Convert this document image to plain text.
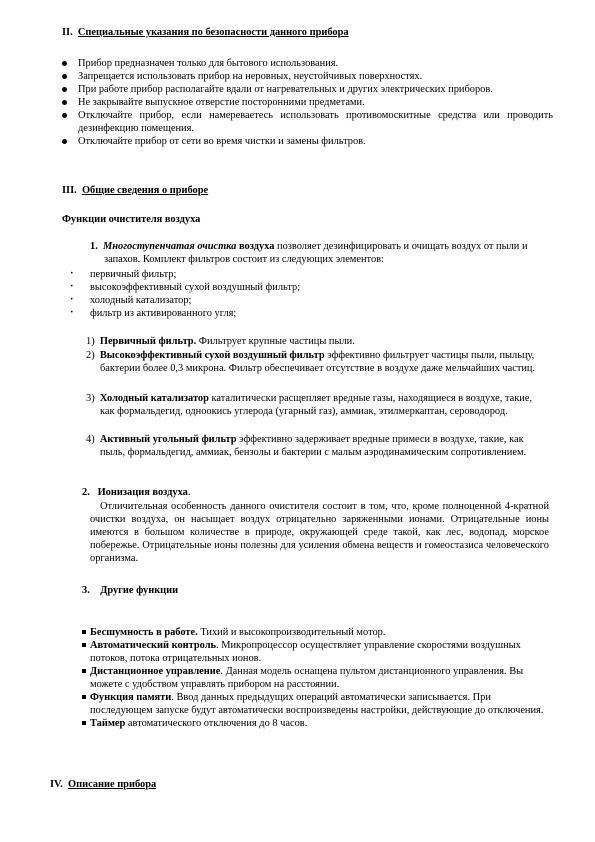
II. Специальные указания по безопасности данного прибора

Прибор предназначен только для бытового использования.
Запрещается использовать прибор на неровных, неустойчивых поверхностях.
При работе прибор располагайте вдали от нагревательных и других электрических приборов.
Не закрывайте выпускное отверстие посторонними предметами.
Отключайте прибор, если намереваетесь использовать противомоскитные средства или проводить дезинфекцию помещения.
Отключайте прибор от сети во время чистки и замены фильтров.

III. Общие сведения о приборе

Функции очистителя воздуха

1. Многоступенчатая очистка воздуха позволяет дезинфицировать и очищать воздух от пыли и запахов. Комплект фильтров состоит из следующих элементов:
· первичный фильтр;
· высокоэффективный сухой воздушный фильтр;
· холодный катализатор;
· фильтр из активированного угля;
1) Первичный фильтр. Фильтрует крупные частицы пыли.
2) Высокоэффективный сухой воздушный фильтр эффективно фильтрует частицы пыли, пыльцу, бактерии более 0,3 микрона. Фильтр обеспечивает отсутствие в воздухе даже мельчайших частиц.
3) Холодный катализатор каталитически расщепляет вредные газы, находящиеся в воздухе, такие, как формальдегид, одноокись углерода (угарный газ), аммиак, этилмеркаптан, сероводород.
4) Активный угольный фильтр эффективно задерживает вредные примеси в воздухе, такие, как пыль, формальдегид, аммиак, бензолы и бактерии с малым аэродинамическим сопротивлением.

2. Ионизация воздуха.

Отличительная особенность данного очистителя состоит в том, что, кроме полноценной 4-кратной очистки воздуха, он насыщает воздух отрицательно заряженными ионами. Отрицательные ионы имеются в большом количестве в природе, окружающей среде такой, как лес, водопад, морское побережье. Отрицательные ионы полезны для усиления обмена веществ и гомеостазиса человеческого организма.

3. Другие функции

Бесшумность в работе. Тихий и высокопроизводительный мотор.
Автоматический контроль. Микропроцессор осуществляет управление скоростями воздушных потоков, потока отрицательных ионов.
Дистанционное управление. Данная модель оснащена пультом дистанционного управления. Вы можете с удобством управлять прибором на расстоянии.
Функция памяти. Ввод данных предыдущих операций автоматически записывается. При последующем запуске будут автоматически воспроизведены настройки, действующие до отключения.
Таймер автоматического отключения до 8 часов.

IV. Описание прибора
